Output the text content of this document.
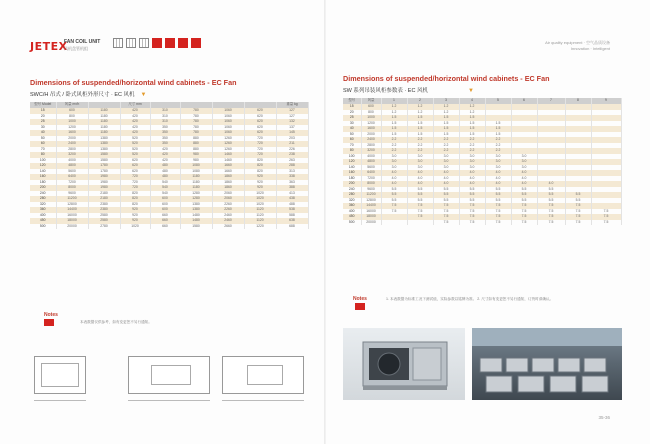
JETEX
FAN COIL UNIT
风机盘管机组
Air quality equipment · 空气品质设备
Innovation · Intelligent
Dimensions of suspended/horizontal wind cabinets - EC Fan
SWC/H 吊式 / 卧式风柜外形尺寸 · EC 风机 ▼
型号 Model	风量 m³/h		尺寸 mm					重量 kg
15	600	1180	420	310	780	1060	620	127
20	800	1180	420	310	780	1060	620	127
25	1000	1180	420	310	780	1060	620	132
30	1200	1180	420	350	780	1060	620	137
40	1600	1180	420	350	780	1060	620	145
50	2000	1380	520	350	880	1260	720	203
60	2400	1380	520	350	880	1260	720	211
70	2800	1380	520	420	880	1260	720	226
80	3200	1580	520	420	980	1460	720	238
100	4000	1580	620	420	980	1460	820	263
120	4800	1780	620	480	1080	1660	820	288
140	5600	1780	620	480	1080	1660	820	313
160	6400	1980	720	480	1180	1860	920	338
180	7200	1980	720	540	1180	1860	920	363
200	8000	1980	720	540	1180	1860	920	388
240	9600	2180	820	540	1280	2060	1020	413
280	11200	2180	820	600	1280	2060	1020	438
320	12800	2380	820	600	1380	2260	1020	488
360	14400	2380	920	600	1380	2260	1120	538
400	16000	2580	920	660	1480	2460	1120	588
450	18000	2580	920	660	1480	2460	1120	638
500	20000	2780	1020	660	1580	2660	1220	688
Notes
本表数据仅供参考，如有变更恕不另行通知。
Dimensions of suspended/horizontal wind cabinets - EC Fan
SW 系列吊装风柜参数表 · EC 风机	▼
型号	风量	1	2	3	4	5	6	7	8	9
15	600	1.2	1.2	1.2	1.2					
20	800	1.2	1.2	1.2	1.2					
25	1000	1.5	1.5	1.5	1.5					
30	1200	1.5	1.5	1.5	1.5	1.5				
40	1600	1.5	1.5	1.5	1.5	1.5				
50	2000	1.5	1.5	1.5	1.5	1.5				
60	2400	2.2	2.2	2.2	2.2	2.2				
70	2800	2.2	2.2	2.2	2.2	2.2				
80	3200	2.2	2.2	2.2	2.2	2.2				
100	4000	3.0	3.0	3.0	3.0	3.0	3.0			
120	4800	3.0	3.0	3.0	3.0	3.0	3.0			
140	5600	3.0	3.0	3.0	3.0	3.0	3.0			
160	6400	4.0	4.0	4.0	4.0	4.0	4.0			
180	7200	4.0	4.0	4.0	4.0	4.0	4.0			
200	8000	4.0	4.0	4.0	4.0	4.0	4.0	4.0		
240	9600	5.5	5.5	5.5	5.5	5.5	5.5	5.5		
280	11200	5.5	5.5	5.5	5.5	5.5	5.5	5.5	5.5	
320	12800	5.5	5.5	5.5	5.5	5.5	5.5	5.5	5.5	
360	14400	7.5	7.5	7.5	7.5	7.5	7.5	7.5	7.5	
400	16000	7.5	7.5	7.5	7.5	7.5	7.5	7.5	7.5	7.5
450	18000		7.5	7.5	7.5	7.5	7.5	7.5	7.5	7.5
500	20000			7.5	7.5	7.5	7.5	7.5	7.5	7.5
Notes	1. 本表数据为标准工况下测试值，实际参数以铭牌为准。 2. 尺寸如有变更恕不另行通知，订货时请确认。
35-36
